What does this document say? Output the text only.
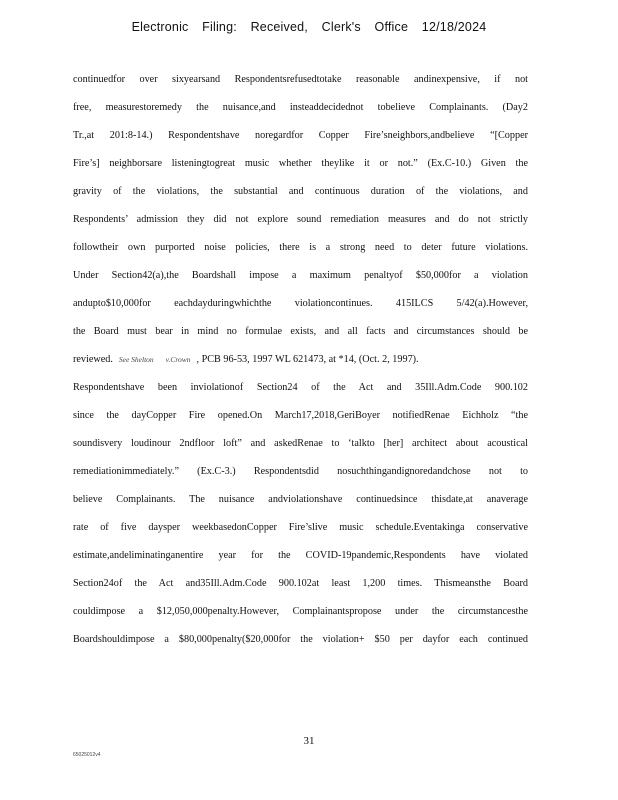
Electronic Filing: Received, Clerk's Office 12/18/2024
continuedfor over sixyearsand Respondentsrefusedtotake reasonable andinexpensive, if not
free, measurestoremedy the nuisance,and insteaddecidednot tobelieve Complainants. (Day2
Tr.,at 201:8-14.) Respondentshave noregardfor Copper Fire’sneighbors,andbelieve “[Copper
Fire’s] neighborsare listeningtogreat music whether theylike it or not.” (Ex.C-10.) Given the
gravity of the violations, the substantial and continuous duration of the violations, and
Respondents’ admission they did not explore sound remediation measures and do not strictly
followtheir own purported noise policies, there is a strong need to deter future violations.
Under Section42(a),the Boardshall impose a maximum penaltyof $50,000for a violation
andupto$10,000for eachdayduringwhichthe violationcontinues. 415ILCS 5/42(a).However,
the Board must bear in mind no formulae exists, and all facts and circumstances should be
reviewed. See Shelton v.Crown , PCB 96-53, 1997 WL 621473, at *14, (Oct. 2, 1997).
Respondentshave been inviolationof Section24 of the Act and 35Ill.Adm.Code 900.102
since the dayCopper Fire opened.On March17,2018,GeriBoyer notifiedRenae Eichholz “the
soundisvery loudinour 2ndfloor loft” and askedRenae to ‘talkto [her] architect about acoustical
remediationimmediately.” (Ex.C-3.) Respondentsdid nosuchthingandignoredandchose not to
believe Complainants. The nuisance andviolationshave continuedsince thisdate,at anaverage
rate of five daysper weekbasedonCopper Fire’slive music schedule.Eventakinga conservative
estimate,andeliminatinganentire year for the COVID-19pandemic,Respondents have violated
Section24of the Act and35Ill.Adm.Code 900.102at least 1,200 times. Thismeansthe Board
couldimpose a $12,050,000penalty.However, Complainantspropose under the circumstancesthe
Boardshouldimpose a $80,000penalty($20,000for the violation+ $50 per dayfor each continued
31
65025012v4
